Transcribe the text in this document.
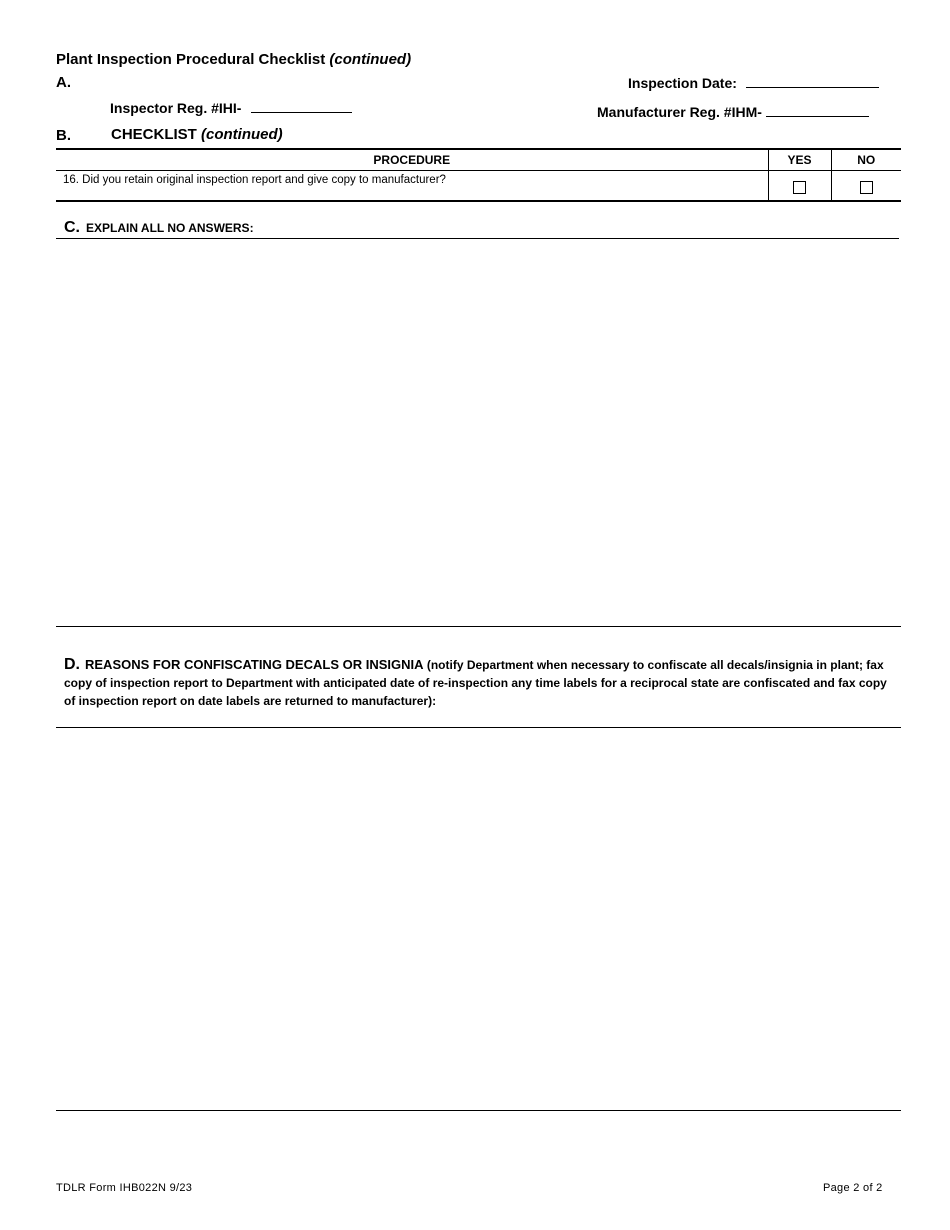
Plant Inspection Procedural Checklist (continued)
A.	Inspection Date:
Inspector Reg. #IHI-	Manufacturer Reg. #IHM-
B.	CHECKLIST (continued)
PROCEDURE	YES	NO

16. Did you retain original inspection report and give copy to manufacturer?		

C. EXPLAIN ALL NO ANSWERS:
D. REASONS FOR CONFISCATING DECALS OR INSIGNIA (notify Department when necessary to confiscate all decals/insignia in plant; fax copy of inspection report to Department with anticipated date of re-inspection any time labels for a reciprocal state are confiscated and fax copy of inspection report on date labels are returned to manufacturer):
TDLR Form IHB022N 9/23	Page 2 of 2
